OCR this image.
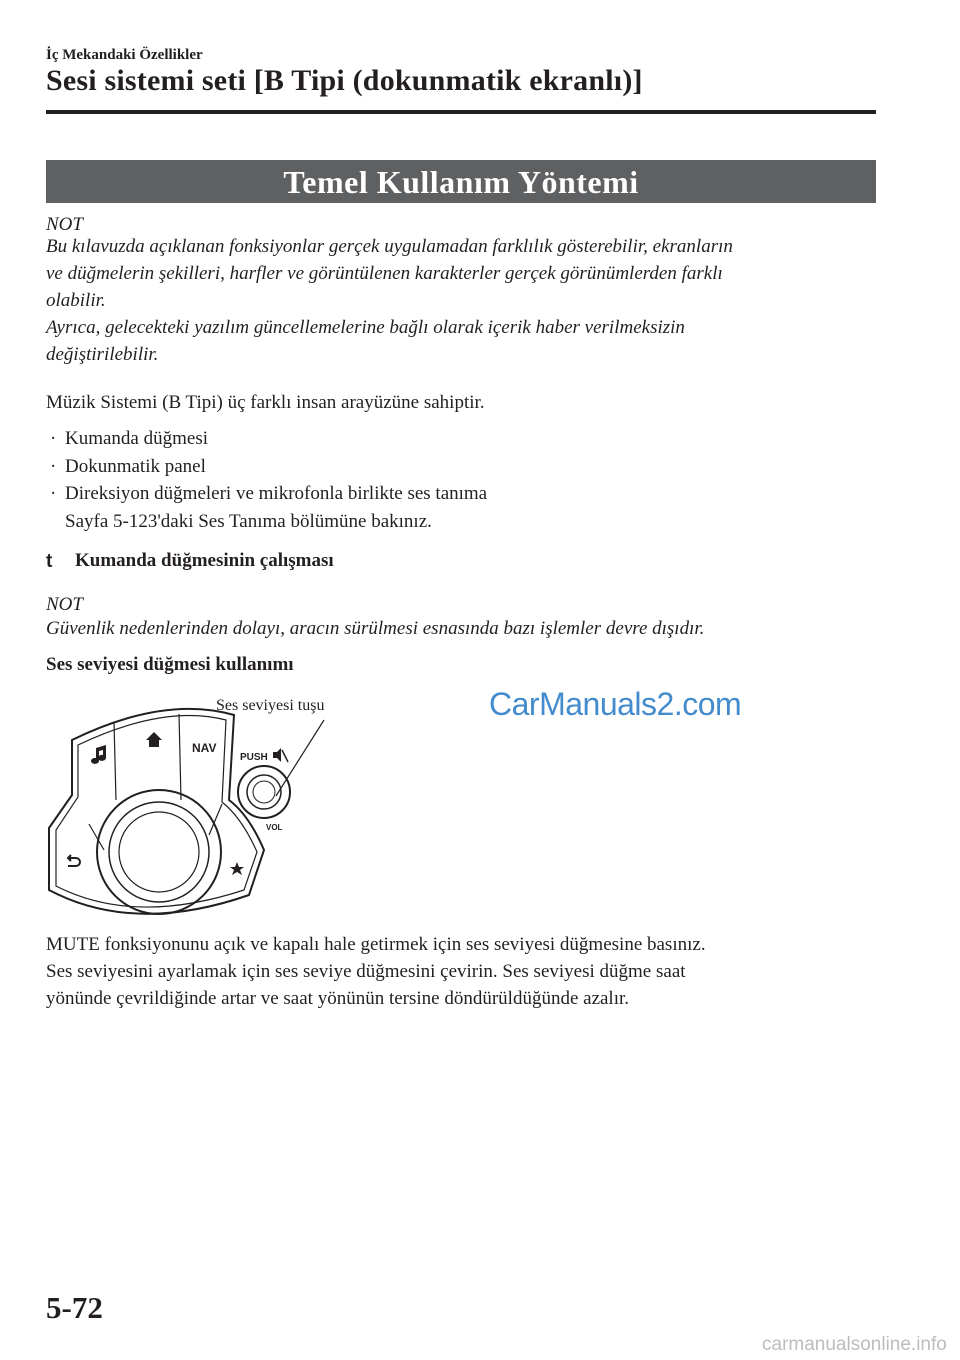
İç Mekandaki Özellikler
Sesi sistemi seti [B Tipi (dokunmatik ekranlı)]
Temel Kullanım Yöntemi
NOT
Bu kılavuzda açıklanan fonksiyonlar gerçek uygulamadan farklılık gösterebilir, ekranların
ve düğmelerin şekilleri, harfler ve görüntülenen karakterler gerçek görünümlerden farklı
olabilir.
Ayrıca, gelecekteki yazılım güncellemelerine bağlı olarak içerik haber verilmeksizin
değiştirilebilir.
Müzik Sistemi (B Tipi) üç farklı insan arayüzüne sahiptir.
· Kumanda düğmesi
· Dokunmatik panel
· Direksiyon düğmeleri ve mikrofonla birlikte ses tanıma
Sayfa 5-123'daki Ses Tanıma bölümüne bakınız.
t Kumanda düğmesinin çalışması
NOT
Güvenlik nedenlerinden dolayı, aracın sürülmesi esnasında bazı işlemler devre dışıdır.
Ses seviyesi düğmesi kullanımı
Ses seviyesi tuşu	CarManuals2.com
NAV
PUSH
VOL
MUTE fonksiyonunu açık ve kapalı hale getirmek için ses seviyesi düğmesine basınız.
Ses seviyesini ayarlamak için ses seviye düğmesini çevirin. Ses seviyesi düğme saat
yönünde çevrildiğinde artar ve saat yönünün tersine döndürüldüğünde azalır.
5-72
carmanualsonline.info
